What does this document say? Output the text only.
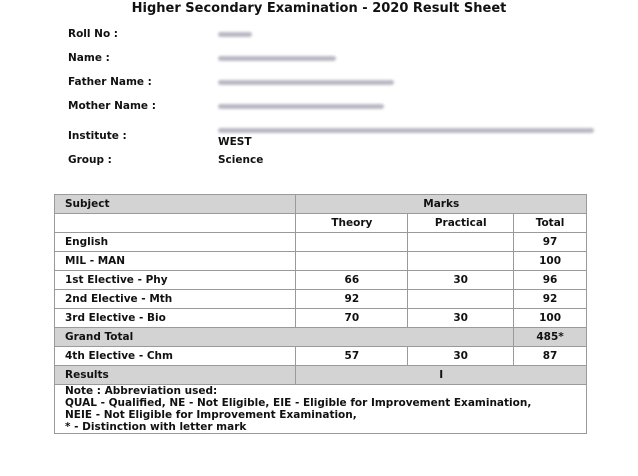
Higher Secondary Examination - 2020 Result Sheet
Roll No :
Name :
Father Name :
Mother Name :
Institute :	WEST
Group :	Science
Subject	Marks		
	Theory	Practical	Total
English			97
MIL - MAN			100
1st Elective - Phy	66	30	96
2nd Elective - Mth	92		92
3rd Elective - Bio	70	30	100
Grand Total			485*
4th Elective - Chm	57	30	87
Results	I		

Note : Abbreviation used:
QUAL - Qualified, NE - Not Eligible, EIE - Eligible for Improvement Examination,
NEIE - Not Eligible for Improvement Examination,
* - Distinction with letter mark			
